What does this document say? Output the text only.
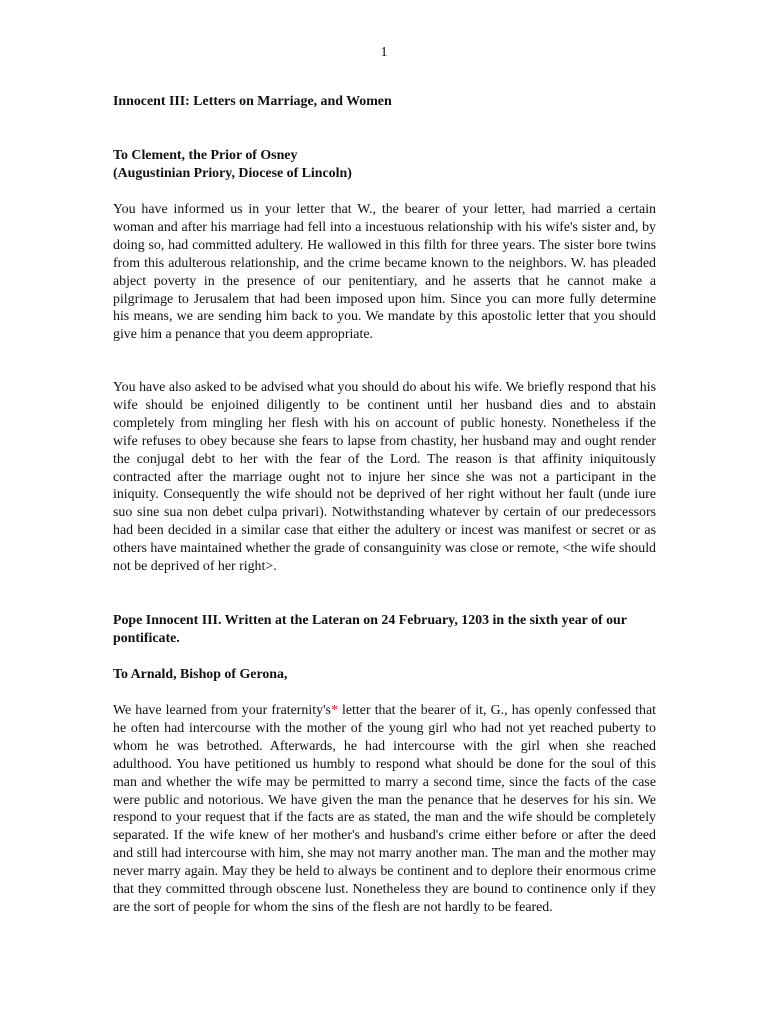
1
Innocent III: Letters on Marriage, and Women
To Clement, the Prior of Osney
(Augustinian Priory, Diocese of Lincoln)

You have informed us in your letter that W., the bearer of your letter, had married a certain woman and after his marriage had fell into a incestuous relationship with his wife's sister and, by doing so, had committed adultery. He wallowed in this filth for three years. The sister bore twins from this adulterous relationship, and the crime became known to the neighbors. W. has pleaded abject poverty in the presence of our penitentiary, and he asserts that he cannot make a pilgrimage to Jerusalem that had been imposed upon him. Since you can more fully determine his means, we are sending him back to you. We mandate by this apostolic letter that you should give him a penance that you deem appropriate.

You have also asked to be advised what you should do about his wife. We briefly respond that his wife should be enjoined diligently to be continent until her husband dies and to abstain completely from mingling her flesh with his on account of public honesty. Nonetheless if the wife refuses to obey because she fears to lapse from chastity, her husband may and ought render the conjugal debt to her with the fear of the Lord. The reason is that affinity iniquitously contracted after the marriage ought not to injure her since she was not a participant in the iniquity. Consequently the wife should not be deprived of her right without her fault (unde iure suo sine sua non debet culpa privari). Notwithstanding whatever by certain of our predecessors had been decided in a similar case that either the adultery or incest was manifest or secret or as others have maintained whether the grade of consanguinity was close or remote, <the wife should not be deprived of her right>.

Pope Innocent III. Written at the Lateran on 24 February, 1203 in the sixth year of our pontificate.

To Arnald, Bishop of Gerona,

We have learned from your fraternity's* letter that the bearer of it, G., has openly confessed that he often had intercourse with the mother of the young girl who had not yet reached puberty to whom he was betrothed. Afterwards, he had intercourse with the girl when she reached adulthood. You have petitioned us humbly to respond what should be done for the soul of this man and whether the wife may be permitted to marry a second time, since the facts of the case were public and notorious. We have given the man the penance that he deserves for his sin. We respond to your request that if the facts are as stated, the man and the wife should be completely separated. If the wife knew of her mother's and husband's crime either before or after the deed and still had intercourse with him, she may not marry another man. The man and the mother may never marry again. May they be held to always be continent and to deplore their enormous crime that they committed through obscene lust. Nonetheless they are bound to continence only if they are the sort of people for whom the sins of the flesh are not hardly to be feared.
